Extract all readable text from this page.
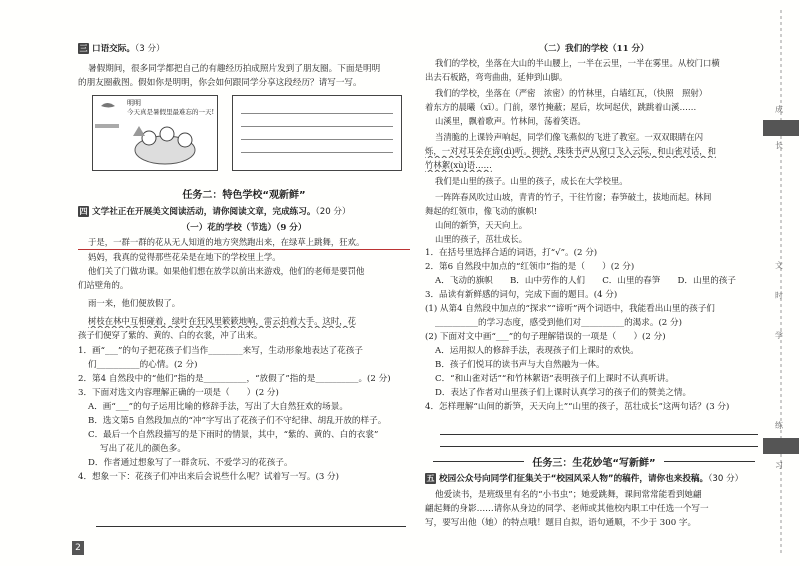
三 口语交际。（3 分）
暑假期间，很多同学都把自己的有趣经历拍成照片发到了朋友圈。下面是明明
的朋友圈截图。假如你是明明，你会如何跟同学分享这段经历？请写一写。
明明
今天真是暑假里最难忘的一天!
任务二：特色学校“观新鲜”
四 文学社正在开展美文阅读活动，请你阅读文章，完成练习。（20 分）
（一）花的学校（节选）（9 分）
于是，一群一群的花从无人知道的地方突然跑出来，在绿草上跳舞，狂欢。
妈妈，我真的觉得那些花朵是在地下的学校里上学。
他们关了门做功课。如果他们想在放学以前出来游戏，他们的老师是要罚他
们站壁角的。
雨一来，他们便放假了。
树枝在林中互相碰着，绿叶在狂风里簌簌地响，雷云拍着大手。这时，花
孩子们便穿了紫的、黄的、白的衣裳，冲了出来。
1．画“___”的句子把花孩子们当作________来写，生动形象地表达了花孩子
们__________的心情。(2 分)
2．第4 自然段中的“他们”指的是__________，“放假了”指的是__________。(2 分)
3．下面对选文内容理解正确的一项是（　　）(2 分)
A．画“___”的句子运用比喻的修辞手法，写出了大自然狂欢的场景。
B．选文第5 自然段加点的“冲”字写出了花孩子们不守纪律、胡乱开放的样子。
C．最后一个自然段描写的是下雨时的情景，其中，“紫的、黄的、白的衣裳”
写出了花儿的颜色多。
D．作者通过想象写了一群贪玩、不爱学习的花孩子。
4．想象一下：花孩子们冲出来后会说些什么呢？试着写一写。(3 分)
2
（二）我们的学校（11 分）
我们的学校，坐落在大山的半山腰上，一半在云里，一半在雾里。从校门口横
出去石板路，弯弯曲曲，延伸到山脚。
我们的学校，坐落在（严密　浓密）的竹林里，白墙红瓦，（快照　照射）
着东方的晨曦（xī）。门前，翠竹掩蔽；屋后，坎坷起伏，跳跳着山溪……
山溪里，飘着歌声。竹林间，荡着笑语。
当清脆的上课铃声响起，同学们像飞燕似的飞进了教室。一双双眼睛在闪
烁，一对对耳朵在谛(dì)听。拥挤，珠珠书声从窗口飞入云际，和山雀对话，和
竹林絮(xù)语……
我们是山里的孩子。山里的孩子，成长在大学校里。
一阵阵春风吹过山坡，青青的竹子，干往竹窗；春笋破土，拔地而起。林间
舞起的红领巾，像飞动的旗帜!
山间的新笋，天天向上。
山里的孩子，茁壮成长。
1．在括号里选择合适的词语，打“√”。(2 分)
2．第6 自然段中加点的“红领巾”指的是（　　）(2 分)
A．飞动的旗帜　　B．山中劳作的人们　　C．山里的春笋　　D．山里的孩子
3．品读有新鲜感的词句，完成下面的题目。(4 分)
(1) 从第4 自然段中加点的“探求”“谛听”两个词语中，我能看出山里的孩子们
__________的学习态度，感受到他们对__________的渴求。(2 分)
(2) 下面对文中画“___”的句子理解错误的一项是（　　）(2 分)
A．运用拟人的修辞手法，表现孩子们上课时的欢快。
B．孩子们悦耳的读书声与大自然融为一体。
C．“和山雀对话”“和竹林絮语”表明孩子们上课时不认真听讲。
D．表达了作者对山里孩子们上课时认真学习的孩子们的赞美之情。
4．怎样理解“山间的新笋，天天向上”“山里的孩子，茁壮成长”这两句话？(3 分)
任务三：生花妙笔“写新鲜”
五 校园公众号向同学们征集关于“校园风采人物”的稿件，请你也来投稿。（30 分）
他爱读书，是班级里有名的“小书虫”；她爱跳舞，课间常常能看到她翩
翩起舞的身影……请你从身边的同学、老师或其他校内职工中任选一个写一
写，要写出他（她）的特点哦！题目自拟，语句通顺，不少于 300 字。
成
长
文
时
学
练
习
